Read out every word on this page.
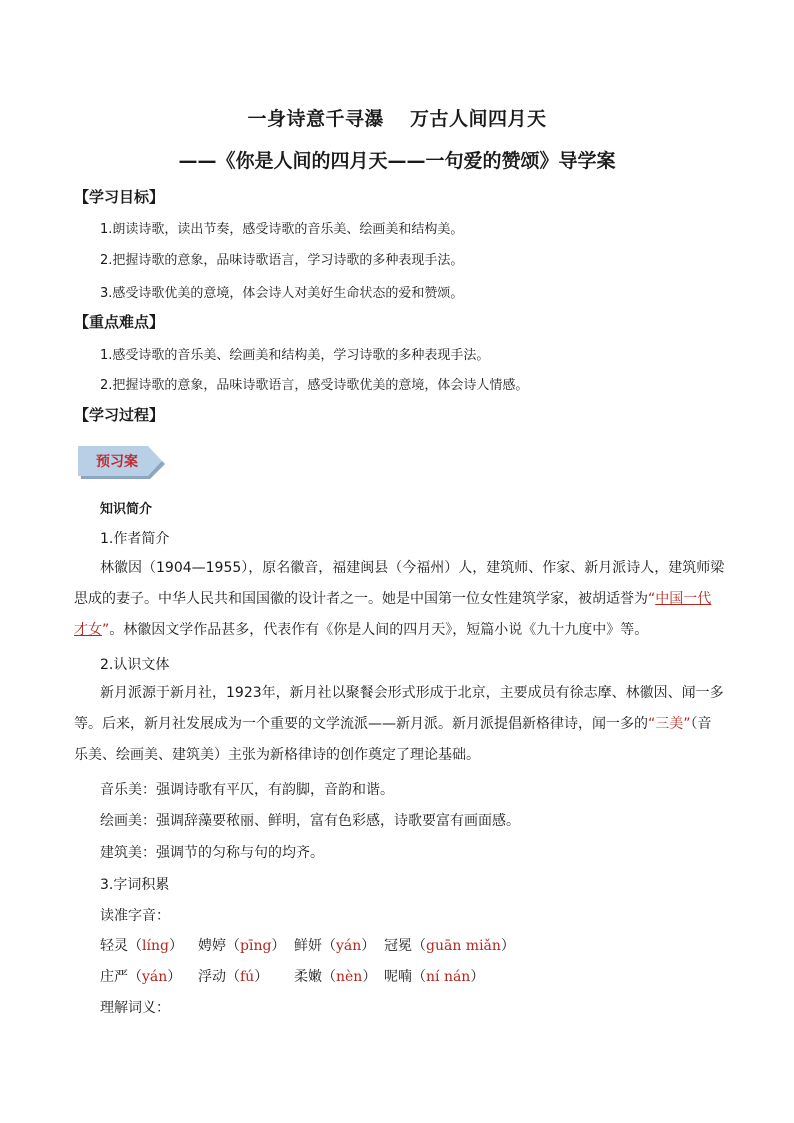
一身诗意千寻瀑 万古人间四月天
——《你是人间的四月天——一句爱的赞颂》导学案
【学习目标】
1.朗读诗歌，读出节奏，感受诗歌的音乐美、绘画美和结构美。
2.把握诗歌的意象，品味诗歌语言，学习诗歌的多种表现手法。
3.感受诗歌优美的意境，体会诗人对美好生命状态的爱和赞颂。
【重点难点】
1.感受诗歌的音乐美、绘画美和结构美，学习诗歌的多种表现手法。
2.把握诗歌的意象，品味诗歌语言，感受诗歌优美的意境，体会诗人情感。
【学习过程】
预习案
知识简介
1.作者简介
林徽因（1904—1955），原名徽音，福建闽县（今福州）人，建筑师、作家、新月派诗人，建筑师梁
思成的妻子。中华人民共和国国徽的设计者之一。她是中国第一位女性建筑学家，被胡适誉为“中国一代
才女”。林徽因文学作品甚多，代表作有《你是人间的四月天》，短篇小说《九十九度中》等。
2.认识文体
新月派源于新月社，1923年，新月社以聚餐会形式形成于北京，主要成员有徐志摩、林徽因、闻一多
等。后来，新月社发展成为一个重要的文学流派——新月派。新月派提倡新格律诗，闻一多的“三美”（音
乐美、绘画美、建筑美）主张为新格律诗的创作奠定了理论基础。
音乐美：强调诗歌有平仄，有韵脚，音韵和谐。
绘画美：强调辞藻要秾丽、鲜明，富有色彩感，诗歌要富有画面感。
建筑美：强调节的匀称与句的均齐。
3.字词积累
读准字音：
轻灵（líng） 娉婷（pīng） 鲜妍（yán） 冠冕（guān miǎn）
庄严（yán） 浮动（fú） 柔嫩（nèn） 呢喃（ní nán）
理解词义：
